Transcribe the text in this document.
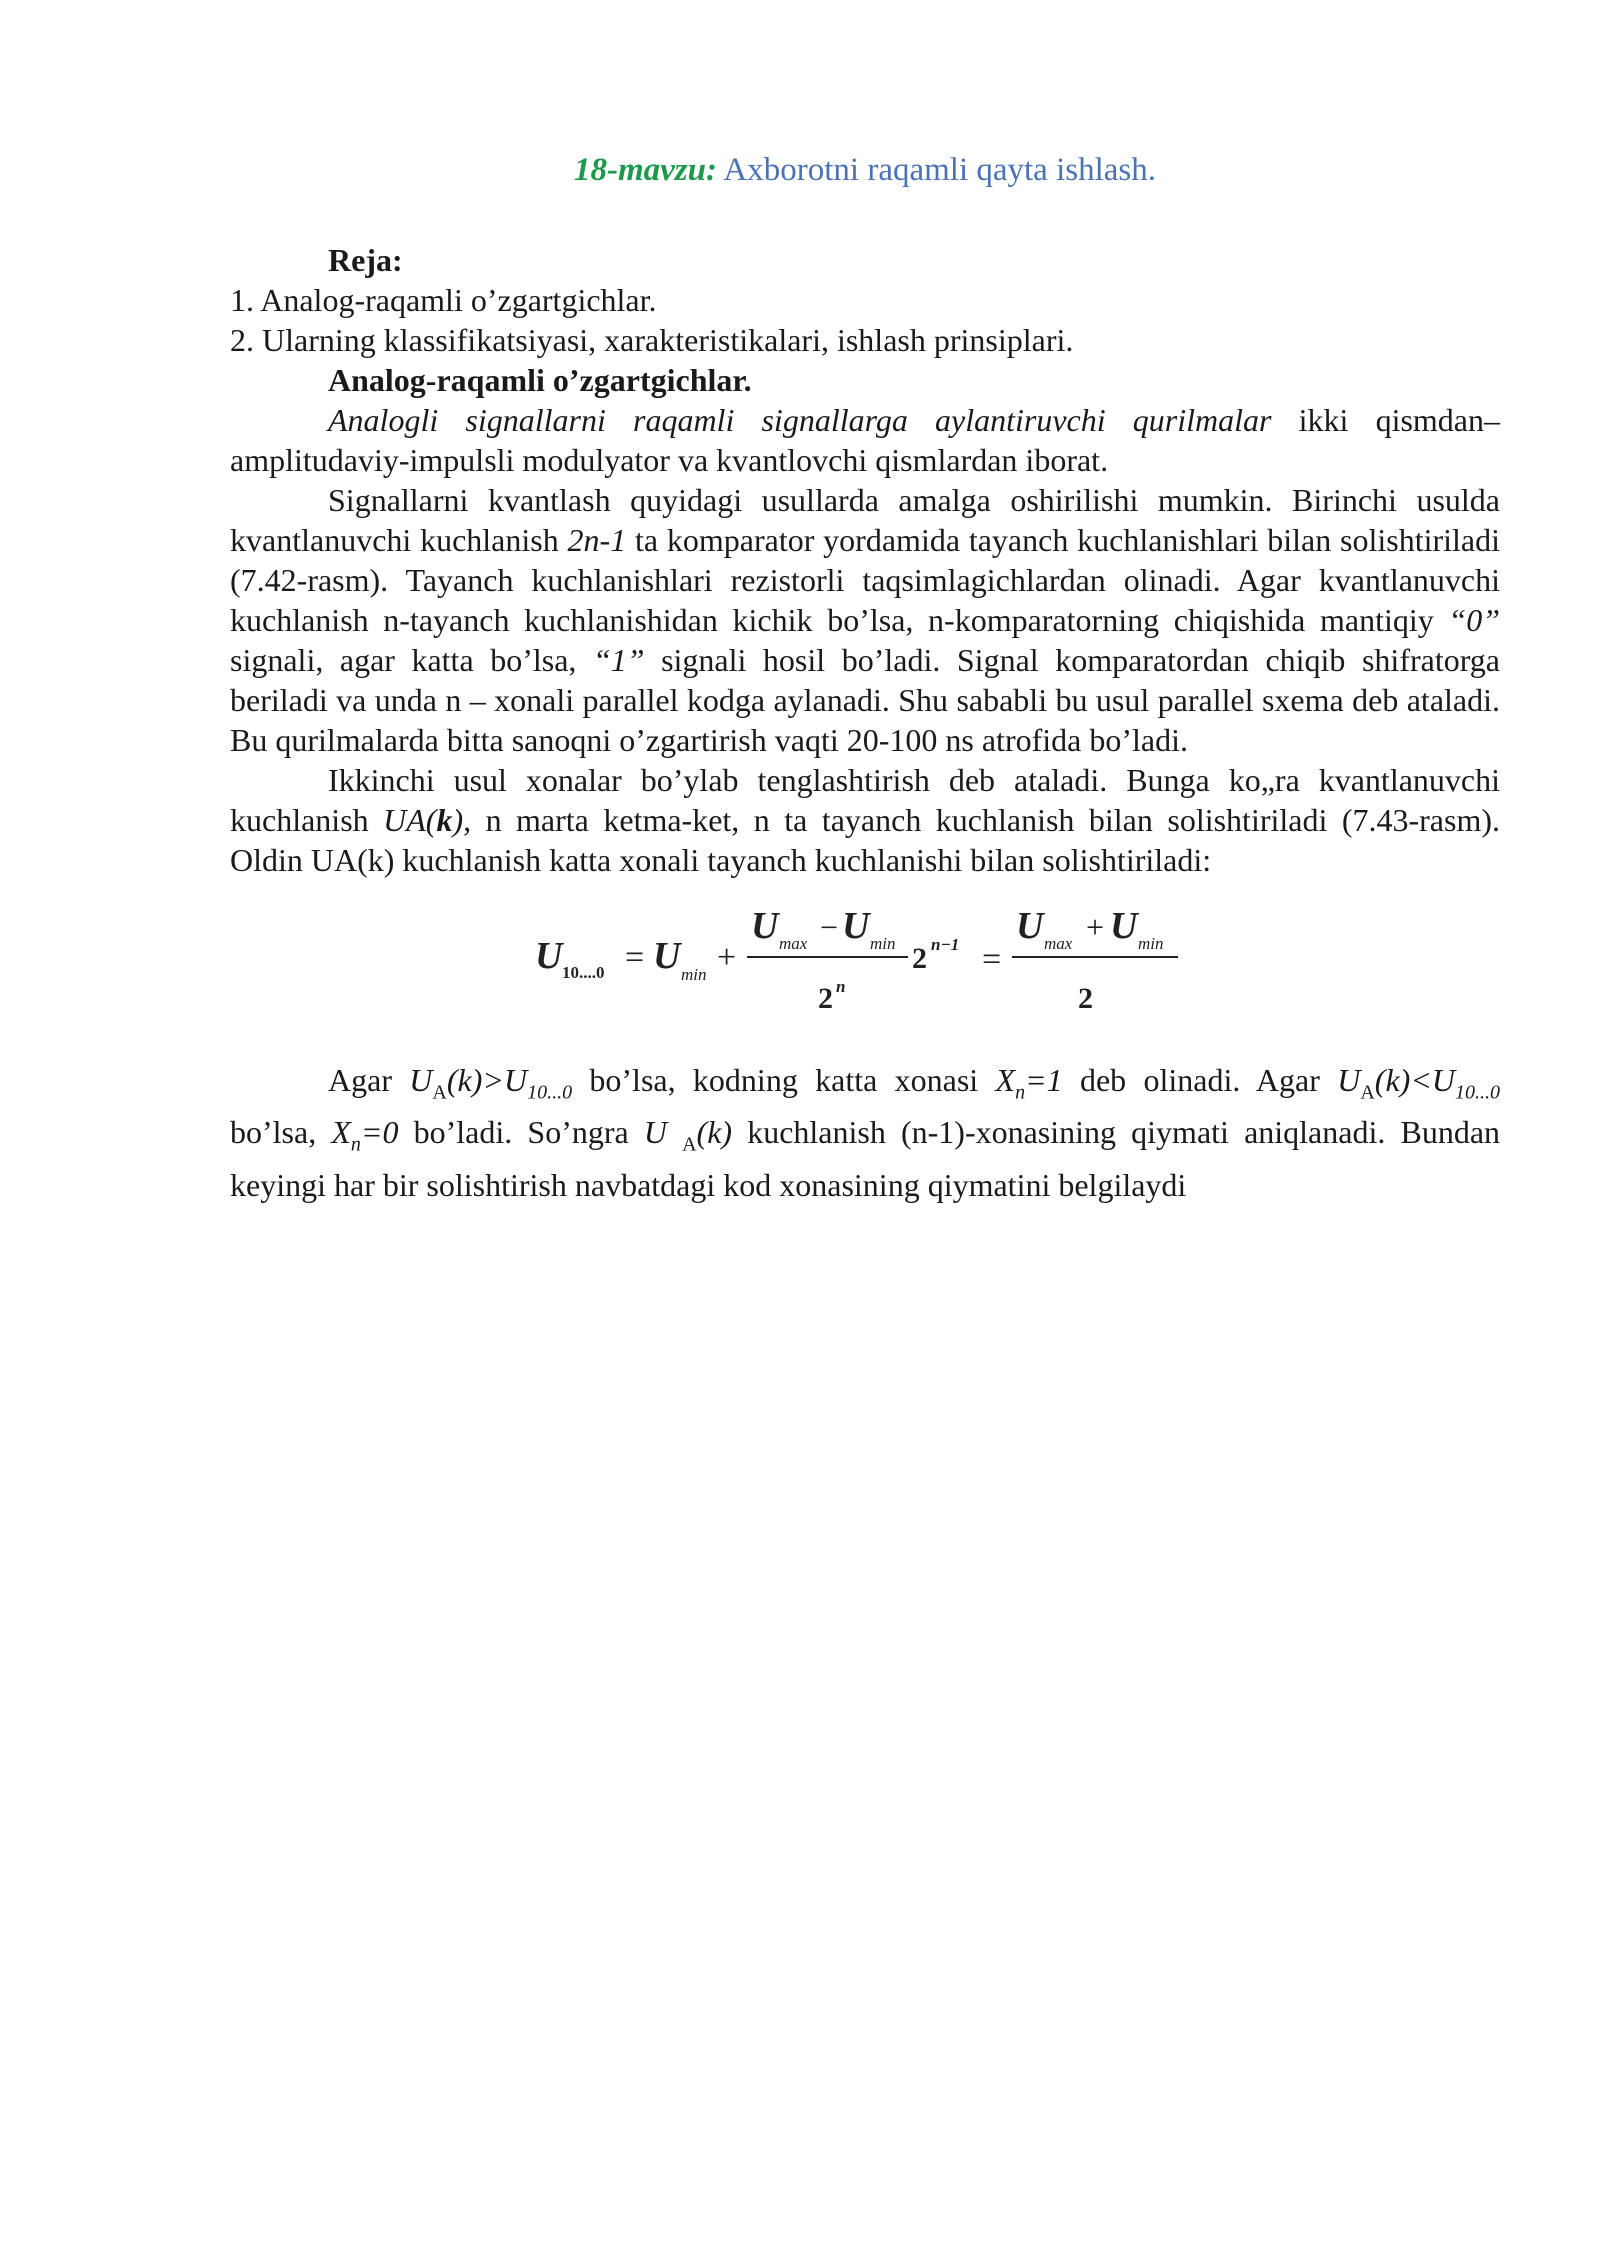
18-mavzu: Axborotni raqamli qayta ishlash.

Reja:

1. Analog-raqamli o’zgartgichlar.

2. Ularning klassifikatsiyasi, xarakteristikalari, ishlash prinsiplari.

Analog-raqamli o’zgartgichlar.

Analogli signallarni raqamli signallarga aylantiruvchi qurilmalar ikki qismdan–amplitudaviy-impulsli modulyator va kvantlovchi qismlardan iborat.

Signallarni kvantlash quyidagi usullarda amalga oshirilishi mumkin. Birinchi usulda kvantlanuvchi kuchlanish 2n-1 ta komparator yordamida tayanch kuchlanishlari bilan solishtiriladi (7.42-rasm). Tayanch kuchlanishlari rezistorli taqsimlagichlardan olinadi. Agar kvantlanuvchi kuchlanish n-tayanch kuchlanishidan kichik bo’lsa, n-komparatorning chiqishida mantiqiy “0” signali, agar katta bo’lsa, “1” signali hosil bo’ladi. Signal komparatordan chiqib shifratorga beriladi va unda n – xonali parallel kodga aylanadi. Shu sababli bu usul parallel sxema deb ataladi. Bu qurilmalarda bitta sanoqni o’zgartirish vaqti 20-100 ns atrofida bo’ladi.

Ikkinchi usul xonalar bo’ylab tenglashtirish deb ataladi. Bunga ko„ra kvantlanuvchi kuchlanish UA(k), n marta ketma-ket, n ta tayanch kuchlanish bilan solishtiriladi (7.43-rasm). Oldin UA(k) kuchlanish katta xonali tayanch kuchlanishi bilan solishtiriladi:

U 10....0 = U min +
U max − U min
2 n
2 n−1 =
U max + U min
2

Agar $U_A(k)>U_{10...0}$ bo’lsa, kodning katta xonasi $X_n=1$ deb olinadi. Agar $U_A(k)<U_{10...0}$ bo’lsa, $X_n=0$ bo’ladi. So’ngra U $_A$(k) kuchlanish (n-1)-xonasining qiymati aniqlanadi. Bundan keyingi har bir solishtirish navbatdagi kod xonasining qiymatini belgilaydi
